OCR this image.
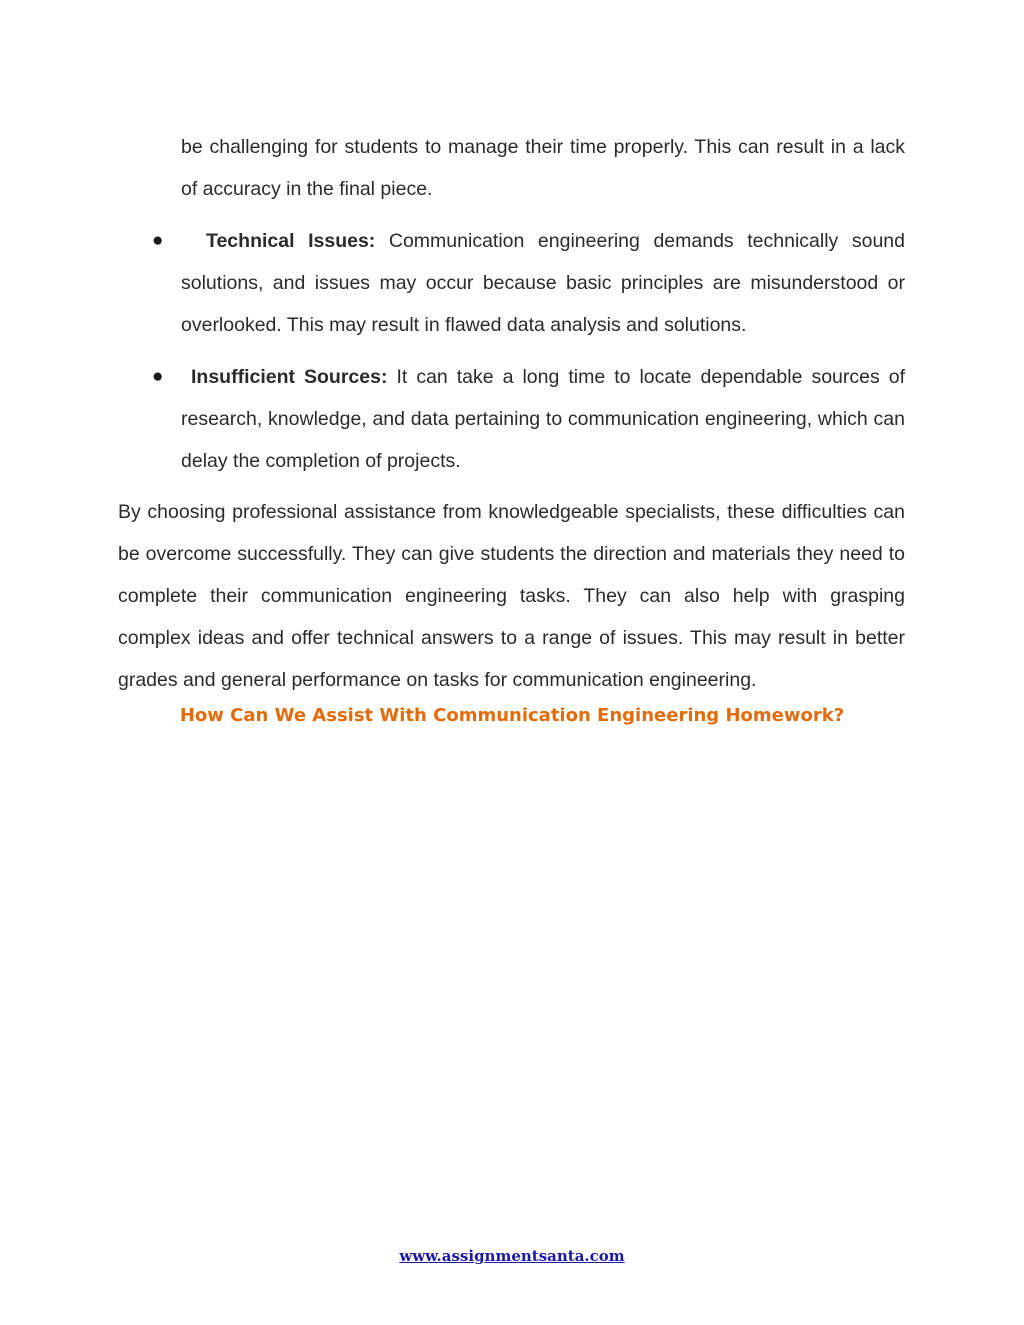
be challenging for students to manage their time properly. This can result in a lack of accuracy in the final piece.

●	Technical Issues: Communication engineering demands technically sound solutions, and issues may occur because basic principles are misunderstood or overlooked. This may result in flawed data analysis and solutions.

●	Insufficient Sources: It can take a long time to locate dependable sources of research, knowledge, and data pertaining to communication engineering, which can delay the completion of projects.

By choosing professional assistance from knowledgeable specialists, these difficulties can be overcome successfully. They can give students the direction and materials they need to complete their communication engineering tasks. They can also help with grasping complex ideas and offer technical answers to a range of issues. This may result in better grades and general performance on tasks for communication engineering.

How Can We Assist With Communication Engineering Homework?

www.assignmentsanta.com
